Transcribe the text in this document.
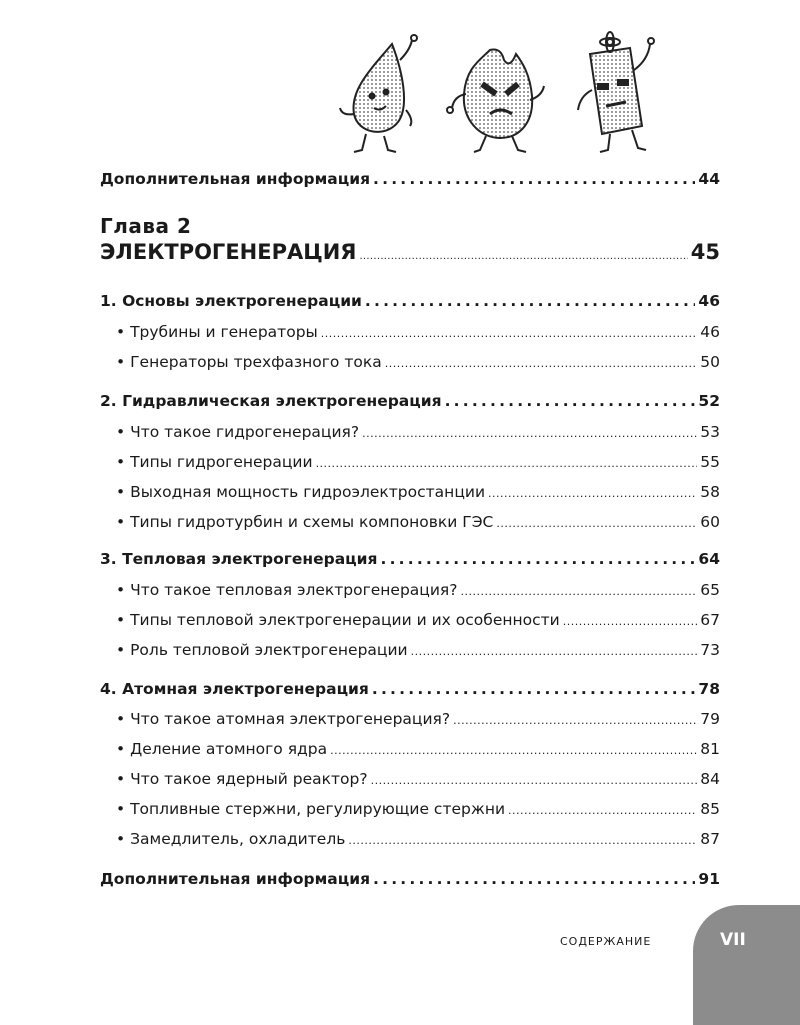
Дополнительная информация .....	44
Глава 2
ЭЛЕКТРОГЕНЕРАЦИЯ .....	45
1. Основы электрогенерации .....	46
• Трубины и генераторы .....	46
• Генераторы трехфазного тока .....	50
2. Гидравлическая электрогенерация .....	52
• Что такое гидрогенерация? .....	53
• Типы гидрогенерации .....	55
• Выходная мощность гидроэлектростанции .....	58
• Типы гидротурбин и схемы компоновки ГЭС .....	60
3. Тепловая электрогенерация .....	64
• Что такое тепловая электрогенерация? .....	65
• Типы тепловой электрогенерации и их особенности .....	67
• Роль тепловой электрогенерации .....	73
4. Атомная электрогенерация .....	78
• Что такое атомная электрогенерация? .....	79
• Деление атомного ядра .....	81
• Что такое ядерный реактор? .....	84
• Топливные стержни, регулирующие стержни .....	85
• Замедлитель, охладитель .....	87
Дополнительная информация .....	91
СОДЕРЖАНИЕ	VII
